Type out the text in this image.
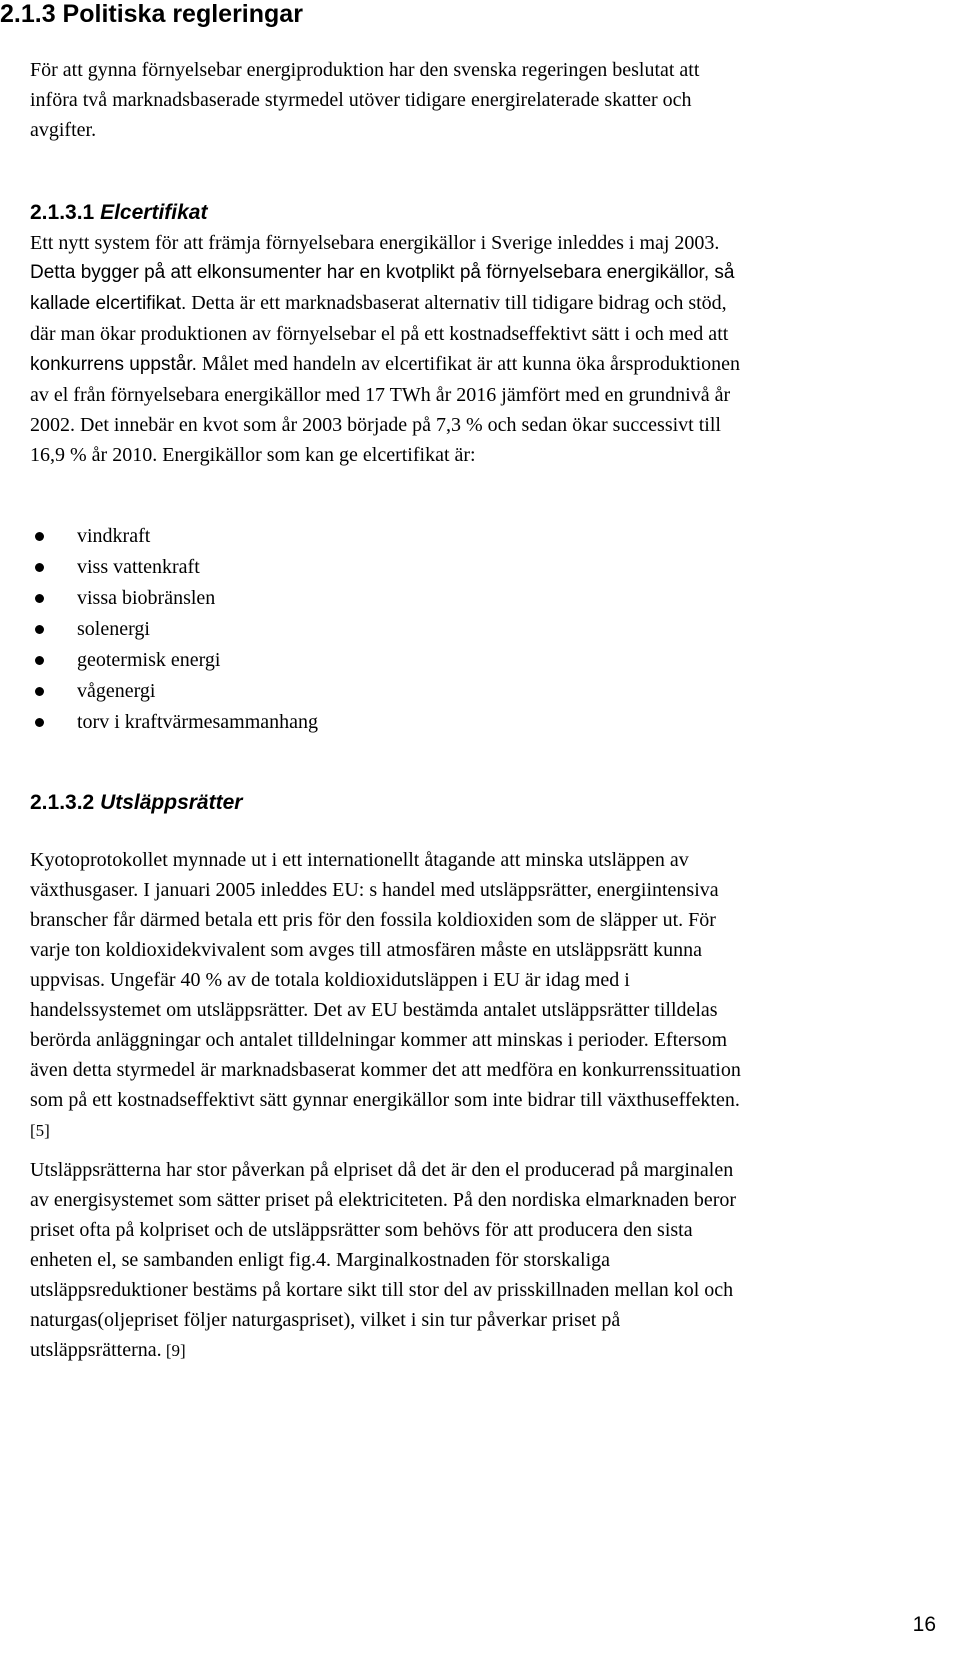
2.1.3 Politiska regleringar

För att gynna förnyelsebar energiproduktion har den svenska regeringen beslutat att
införa två marknadsbaserade styrmedel utöver tidigare energirelaterade skatter och
avgifter.

2.1.3.1 Elcertifikat

Ett nytt system för att främja förnyelsebara energikällor i Sverige inleddes i maj 2003.
Detta bygger på att elkonsumenter har en kvotplikt på förnyelsebara energikällor, så
kallade elcertifikat. Detta är ett marknadsbaserat alternativ till tidigare bidrag och stöd,
där man ökar produktionen av förnyelsebar el på ett kostnadseffektivt sätt i och med att
konkurrens uppstår. Målet med handeln av elcertifikat är att kunna öka årsproduktionen
av el från förnyelsebara energikällor med 17 TWh år 2016 jämfört med en grundnivå år
2002. Det innebär en kvot som år 2003 började på 7,3 % och sedan ökar successivt till
16,9 % år 2010. Energikällor som kan ge elcertifikat är:

vindkraft
viss vattenkraft
vissa biobränslen
solenergi
geotermisk energi
vågenergi
torv i kraftvärmesammanhang
2.1.3.2 Utsläppsrätter

Kyotoprotokollet mynnade ut i ett internationellt åtagande att minska utsläppen av
växthusgaser. I januari 2005 inleddes EU: s handel med utsläppsrätter, energiintensiva
branscher får därmed betala ett pris för den fossila koldioxiden som de släpper ut. För
varje ton koldioxidekvivalent som avges till atmosfären måste en utsläppsrätt kunna
uppvisas. Ungefär 40 % av de totala koldioxidutsläppen i EU är idag med i
handelssystemet om utsläppsrätter. Det av EU bestämda antalet utsläppsrätter tilldelas
berörda anläggningar och antalet tilldelningar kommer att minskas i perioder. Eftersom
även detta styrmedel är marknadsbaserat kommer det att medföra en konkurrenssituation
som på ett kostnadseffektivt sätt gynnar energikällor som inte bidrar till växthuseffekten.
[5]

Utsläppsrätterna har stor påverkan på elpriset då det är den el producerad på marginalen
av energisystemet som sätter priset på elektriciteten. På den nordiska elmarknaden beror
priset ofta på kolpriset och de utsläppsrätter som behövs för att producera den sista
enheten el, se sambanden enligt fig.4. Marginalkostnaden för storskaliga
utsläppsreduktioner bestäms på kortare sikt till stor del av prisskillnaden mellan kol och
naturgas(oljepriset följer naturgaspriset), vilket i sin tur påverkar priset på
utsläppsrätterna. [9]

16
